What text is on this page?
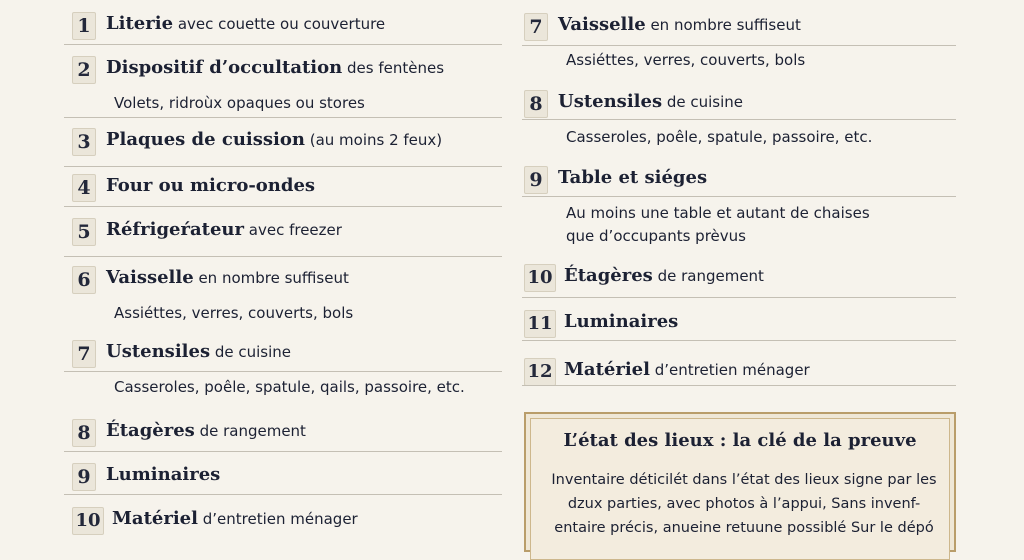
1 Literie avec couette ou couverture
2 Dispositif d’occultation des fentènes
Volets, ridroùx opaques ou stores
3 Plaques de cuission (au moins 2 feux)
4 Four ou micro-ondes
5 Réfrigeŕateur avec freezer
6 Vaisselle en nombre suffiseut
Assiéttes, verres, couverts, bols
7 Ustensiles de cuisine
Casseroles, poêle, spatule, qails, passoire, etc.
8 Étagères de rangement
9 Luminaires
10 Matériel d’entretien ménager
7 Vaisselle en nombre suffiseut
Assiéttes, verres, couverts, bols
8 Ustensiles de cuisine
Casseroles, poêle, spatule, passoire, etc.
9 Table et siéges
Au moins une table et autant de chaises
que d’occupants prèvus
10 Étagères de rangement
11 Luminaires
12 Matériel d’entretien ménager
L’état des lieux : la clé de la preuve

Inventaire déticilét dans l’état des lieux signe par les
dzux parties, avec photos à l’appui, Sans invenf-
entaire précis, anueine retuune possiblé Sur le dépó
